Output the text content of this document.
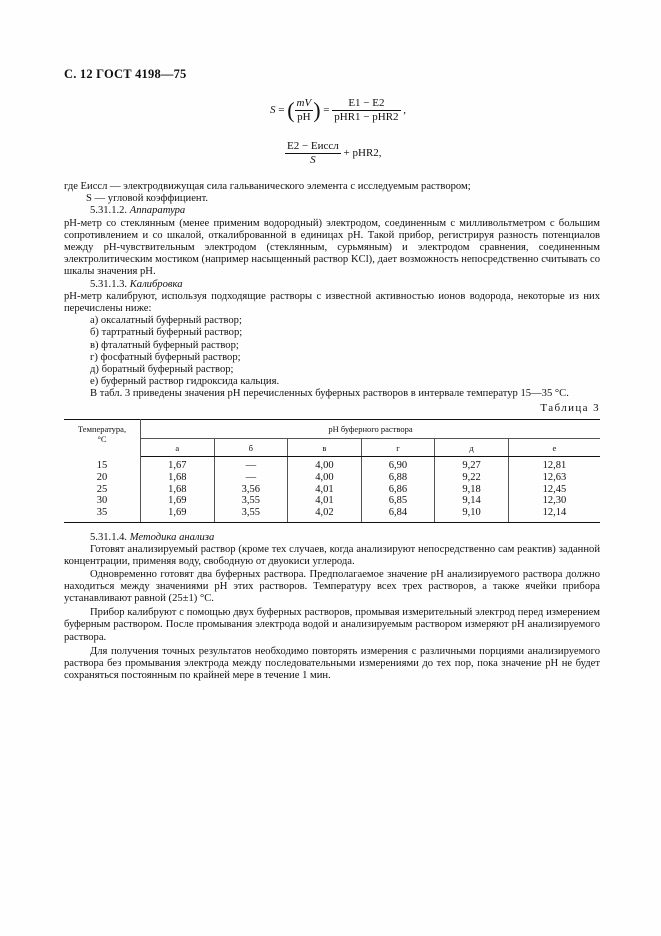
С. 12 ГОСТ 4198—75
S = ( $\frac{mV}{pH}$ ) = $\frac{E1 - E2}{\text{pHR1 − pHR2}}$ ,
$\frac{\text{E2 − Eиссл}}{S} + pHR2$,

где Eиссл — электродвижущая сила гальванического элемента с исследуемым раствором;

S — угловой коэффициент.

5.31.1.2. Аппаратура

pH-метр со стеклянным (менее применим водородный) электродом, соединенным с милливольтметром с большим сопротивлением и со шкалой, откалиброванной в единицах pH. Такой прибор, регистрируя разность потенциалов между pH-чувствительным электродом (стеклянным, сурьмяным) и электродом сравнения, соединенным электролитическим мостиком (например насыщенный раствор KCl), дает возможность непосредственно считывать со шкалы значения pH.

5.31.1.3. Калибровка

pH-метр калибруют, используя подходящие растворы с известной активностью ионов водорода, некоторые из них перечислены ниже:

а) оксалатный буферный раствор;

б) тартратный буферный раствор;

в) фталатный буферный раствор;

г) фосфатный буферный раствор;

д) боратный буферный раствор;

е) буферный раствор гидроксида кальция.

В табл. 3 приведены значения pH перечисленных буферных растворов в интервале температур 15—35 °С.

Таблица 3
Температура,
°С	pH буферного раствора					
	а	б	в	г	д	е
15	1,67	—	4,00	6,90	9,27	12,81
20	1,68	—	4,00	6,88	9,22	12,63
25	1,68	3,56	4,01	6,86	9,18	12,45
30	1,69	3,55	4,01	6,85	9,14	12,30
35	1,69	3,55	4,02	6,84	9,10	12,14

5.31.1.4. Методика анализа

Готовят анализируемый раствор (кроме тех случаев, когда анализируют непосредственно сам реактив) заданной концентрации, применяя воду, свободную от двуокиси углерода.

Одновременно готовят два буферных раствора. Предполагаемое значение pH анализируемого раствора должно находиться между значениями pH этих растворов. Температуру всех трех растворов, а также ячейки прибора устанавливают равной (25±1) °С.

Прибор калибруют с помощью двух буферных растворов, промывая измерительный электрод перед измерением буферным раствором. После промывания электрода водой и анализируемым раствором измеряют pH анализируемого раствора.

Для получения точных результатов необходимо повторять измерения с различными порциями анализируемого раствора без промывания электрода между последовательными измерениями до тех пор, пока значение pH не будет сохраняться постоянным по крайней мере в течение 1 мин.
